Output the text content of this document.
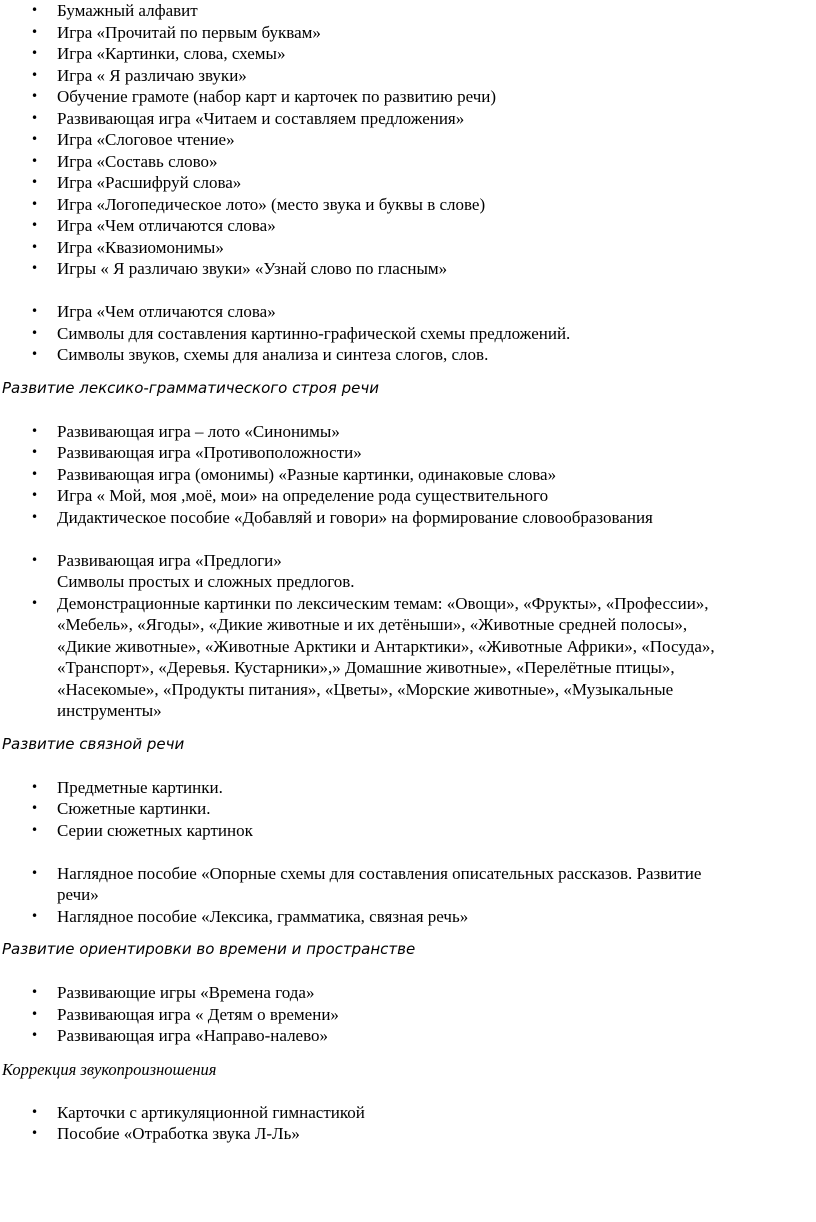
• Бумажный алфавит
• Игра «Прочитай по первым буквам»
• Игра «Картинки, слова, схемы»
• Игра « Я различаю звуки»
• Обучение грамоте (набор карт и карточек по развитию речи)
• Развивающая игра «Читаем и составляем предложения»
• Игра «Слоговое чтение»
• Игра «Составь слово»
• Игра «Расшифруй слова»
• Игра «Логопедическое лото» (место звука и буквы в слове)
• Игра «Чем отличаются слова»
• Игра «Квазиомонимы»
• Игры « Я различаю звуки» «Узнай слово по гласным»
• Игра «Чем отличаются слова»
• Символы для составления картинно-графической схемы предложений.
• Символы звуков, схемы для анализа и синтеза слогов, слов.

Развитие лексико-грамматического строя речи

• Развивающая игра – лото «Синонимы»
• Развивающая игра «Противоположности»
• Развивающая игра (омонимы) «Разные картинки, одинаковые слова»
• Игра « Мой, моя ,моё, мои» на определение рода существительного
• Дидактическое пособие «Добавляй и говори» на формирование словообразования
• Развивающая игра «Предлоги»
Символы простых и сложных предлогов.
• Демонстрационные картинки по лексическим темам: «Овощи», «Фрукты», «Профессии»,
«Мебель», «Ягоды», «Дикие животные и их детёныши», «Животные средней полосы»,
«Дикие животные», «Животные Арктики и Антарктики», «Животные Африки», «Посуда»,
«Транспорт», «Деревья. Кустарники»,» Домашние животные», «Перелётные птицы»,
«Насекомые», «Продукты питания», «Цветы», «Морские животные», «Музыкальные
инструменты»

Развитие связной речи

• Предметные картинки.
• Сюжетные картинки.
• Серии сюжетных картинок
• Наглядное пособие «Опорные схемы для составления описательных рассказов. Развитие
речи»
• Наглядное пособие «Лексика, грамматика, связная речь»

Развитие ориентировки во времени и пространстве

• Развивающие игры «Времена года»
• Развивающая игра « Детям о времени»
• Развивающая игра «Направо-налево»

Коррекция звукопроизношения

• Карточки с артикуляционной гимнастикой
• Пособие «Отработка звука Л-Ль»
